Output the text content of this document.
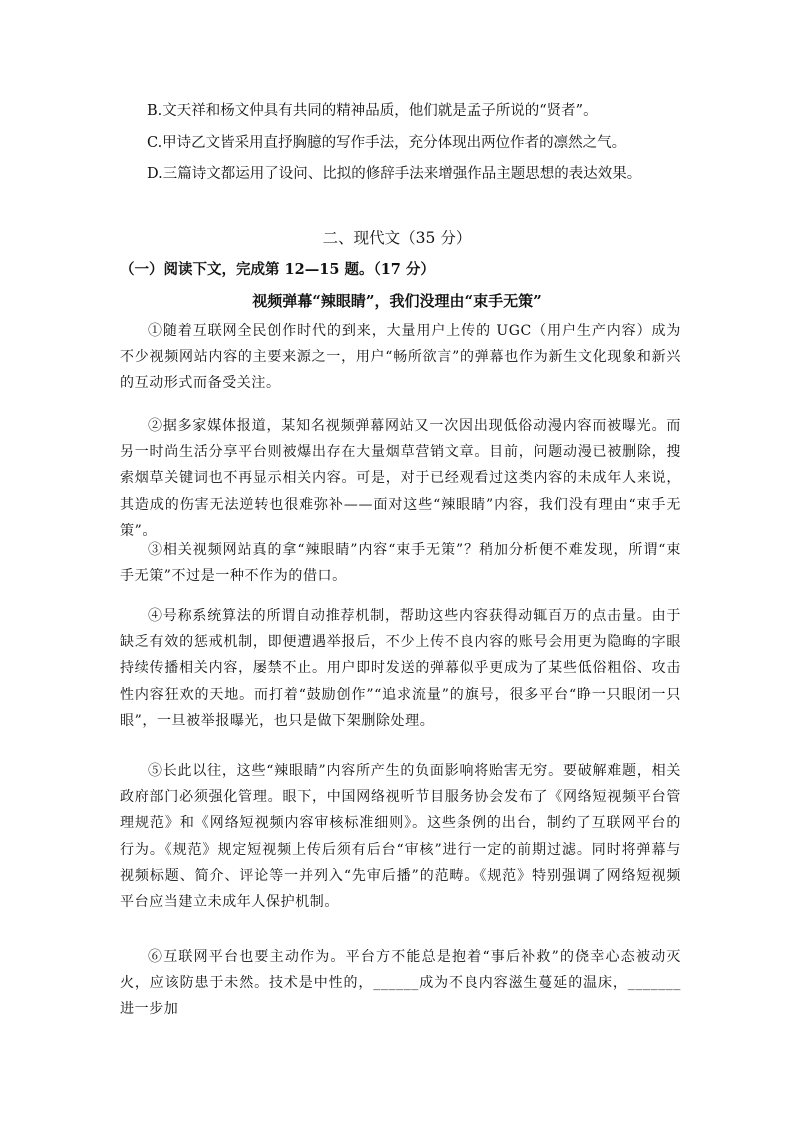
B.文天祥和杨文仲具有共同的精神品质，他们就是孟子所说的“贤者”。
C.甲诗乙文皆采用直抒胸臆的写作手法，充分体现出两位作者的凛然之气。
D.三篇诗文都运用了设问、比拟的修辞手法来增强作品主题思想的表达效果。
二、现代文（35 分）
（一）阅读下文，完成第 12—15 题。（17 分）
视频弹幕“辣眼睛”，我们没理由“束手无策”
①随着互联网全民创作时代的到来，大量用户上传的 UGC（用户生产内容）成为不少视频网站内容的主要来源之一，用户“畅所欲言”的弹幕也作为新生文化现象和新兴的互动形式而备受关注。
②据多家媒体报道，某知名视频弹幕网站又一次因出现低俗动漫内容而被曝光。而另一时尚生活分享平台则被爆出存在大量烟草营销文章。目前，问题动漫已被删除，搜索烟草关键词也不再显示相关内容。可是，对于已经观看过这类内容的未成年人来说，其造成的伤害无法逆转也很难弥补——面对这些“辣眼睛”内容，我们没有理由“束手无策”。
③相关视频网站真的拿“辣眼睛”内容“束手无策”？稍加分析便不难发现，所谓“束手无策”不过是一种不作为的借口。
④号称系统算法的所谓自动推荐机制，帮助这些内容获得动辄百万的点击量。由于缺乏有效的惩戒机制，即便遭遇举报后，不少上传不良内容的账号会用更为隐晦的字眼持续传播相关内容，屡禁不止。用户即时发送的弹幕似乎更成为了某些低俗粗俗、攻击性内容狂欢的天地。而打着“鼓励创作”“追求流量”的旗号，很多平台“睁一只眼闭一只眼”，一旦被举报曝光，也只是做下架删除处理。
⑤长此以往，这些“辣眼睛”内容所产生的负面影响将贻害无穷。要破解难题，相关政府部门必须强化管理。眼下，中国网络视听节目服务协会发布了《网络短视频平台管理规范》和《网络短视频内容审核标准细则》。这些条例的出台，制约了互联网平台的行为。《规范》规定短视频上传后须有后台“审核”进行一定的前期过滤。同时将弹幕与视频标题、简介、评论等一并列入“先审后播”的范畴。《规范》特别强调了网络短视频平台应当建立未成年人保护机制。
⑥互联网平台也要主动作为。平台方不能总是抱着“事后补救”的侥幸心态被动灭火，应该防患于未然。技术是中性的，______成为不良内容滋生蔓延的温床，_______进一步加
